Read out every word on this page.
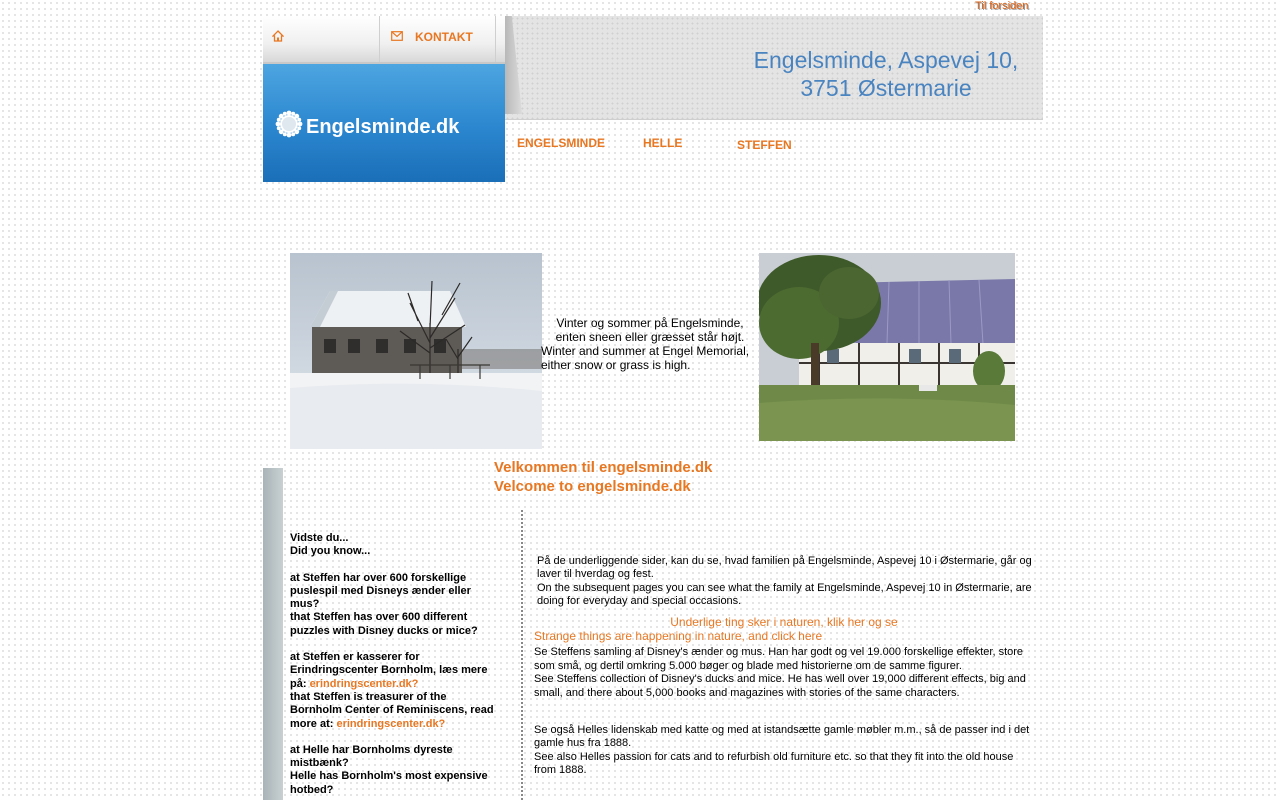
Til forsiden
KONTAKT
Engelsminde.dk
Engelsminde, Aspevej 10,
3751 Østermarie
ENGELSMINDE	HELLE	STEFFEN
Vinter og sommer på Engelsminde,
enten sneen eller græsset står højt.
Winter and summer at Engel Memorial,
either snow or grass is high.
Velkommen til engelsminde.dk
Velcome to engelsminde.dk
Vidste du...
Did you know...
at Steffen har over 600 forskellige puslespil med Disneys ænder eller mus?
that Steffen has over 600 different puzzles with Disney ducks or mice?
at Steffen er kasserer for Erindringscenter Bornholm, læs mere på: erindringscenter.dk?
that Steffen is treasurer of the Bornholm Center of Reminiscens, read more at: erindringscenter.dk?
at Helle har Bornholms dyreste mistbænk?
Helle has Bornholm's most expensive hotbed?

På de underliggende sider, kan du se, hvad familien på Engelsminde, Aspevej 10 i Østermarie, går og laver til hverdag og fest.

On the subsequent pages you can see what the family at Engelsminde, Aspevej 10 in Østermarie, are doing for everyday and special occasions.

Underlige ting sker i naturen, klik her og se
Strange things are happening in nature, and click here

Se Steffens samling af Disney's ænder og mus. Han har godt og vel 19.000 forskellige effekter, store som små, og dertil omkring 5.000 bøger og blade med historierne om de samme figurer.

See Steffens collection of Disney's ducks and mice. He has well over 19,000 different effects, big and small, and there about 5,000 books and magazines with stories of the same characters.

Se også Helles lidenskab med katte og med at istandsætte gamle møbler m.m., så de passer ind i det gamle hus fra 1888.

See also Helles passion for cats and to refurbish old furniture etc. so that they fit into the old house from 1888.
